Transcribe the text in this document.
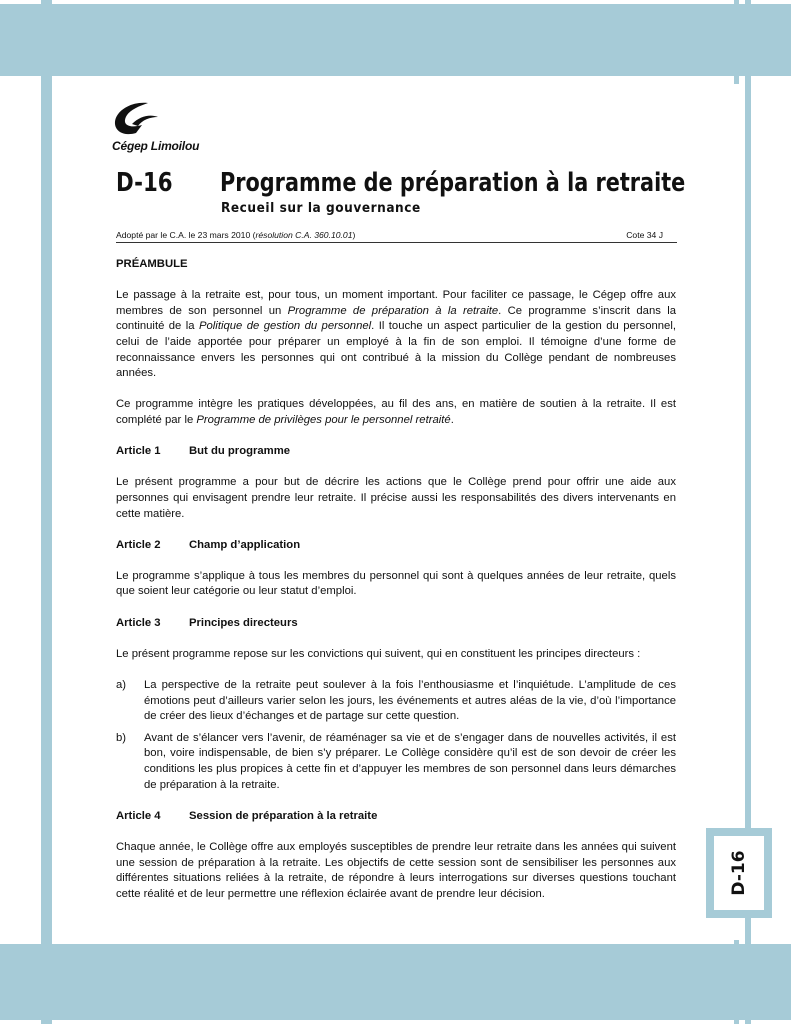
Cégep Limoilou
D-16 Programme de préparation à la retraite
Recueil sur la gouvernance
Adopté par le C.A. le 23 mars 2010 (résolution C.A. 360.10.01)	Cote 34 J
PRÉAMBULE

Le passage à la retraite est, pour tous, un moment important. Pour faciliter ce passage, le Cégep offre aux membres de son personnel un Programme de préparation à la retraite. Ce programme s’inscrit dans la continuité de la Politique de gestion du personnel. Il touche un aspect particulier de la gestion du personnel, celui de l’aide apportée pour préparer un employé à la fin de son emploi. Il témoigne d’une forme de reconnaissance envers les personnes qui ont contribué à la mission du Collège pendant de nombreuses années.

Ce programme intègre les pratiques développées, au fil des ans, en matière de soutien à la retraite. Il est complété par le Programme de privilèges pour le personnel retraité.

Article 1	But du programme

Le présent programme a pour but de décrire les actions que le Collège prend pour offrir une aide aux personnes qui envisagent prendre leur retraite. Il précise aussi les responsabilités des divers intervenants en cette matière.

Article 2	Champ d’application

Le programme s’applique à tous les membres du personnel qui sont à quelques années de leur retraite, quels que soient leur catégorie ou leur statut d’emploi.

Article 3	Principes directeurs

Le présent programme repose sur les convictions qui suivent, qui en constituent les principes directeurs :

a) La perspective de la retraite peut soulever à la fois l’enthousiasme et l’inquiétude. L’amplitude de ces émotions peut d’ailleurs varier selon les jours, les événements et autres aléas de la vie, d’où l’importance de créer des lieux d’échanges et de partage sur cette question.
b) Avant de s’élancer vers l’avenir, de réaménager sa vie et de s’engager dans de nouvelles activités, il est bon, voire indispensable, de bien s’y préparer. Le Collège considère qu’il est de son devoir de créer les conditions les plus propices à cette fin et d’appuyer les membres de son personnel dans leurs démarches de préparation à la retraite.
Article 4	Session de préparation à la retraite

Chaque année, le Collège offre aux employés susceptibles de prendre leur retraite dans les années qui suivent une session de préparation à la retraite. Les objectifs de cette session sont de sensibiliser les personnes aux différentes situations reliées à la retraite, de répondre à leurs interrogations sur diverses questions touchant cette réalité et de leur permettre une réflexion éclairée avant de prendre leur décision.	D-16
